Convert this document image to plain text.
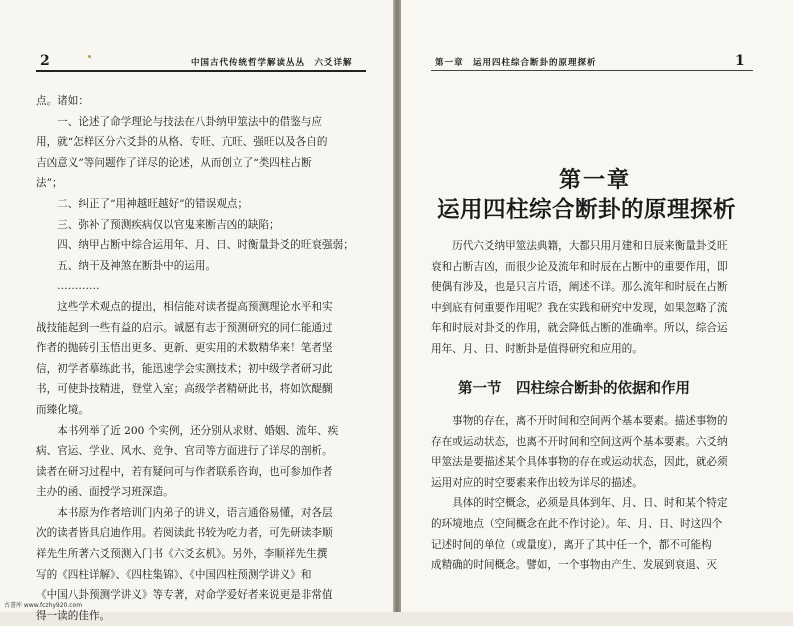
2	中国古代传统哲学解读丛丛　六爻详解

点。诸如：

　　一、论述了命学理论与技法在八卦纳甲筮法中的借鉴与应

用，就“怎样区分六爻卦的从格、专旺、亢旺、强旺以及各自的

吉凶意义”等问题作了详尽的论述，从而创立了“类四柱占断

法”；

　　二、纠正了“用神越旺越好”的错误观点；

　　三、弥补了预测疾病仅以官鬼来断吉凶的缺陷；

　　四、纳甲占断中综合运用年、月、日、时衡量卦爻的旺衰强弱；

　　五、纳干及神煞在断卦中的运用。

　　…………

　　这些学术观点的提出，相信能对读者提高预测理论水平和实

战技能起到一些有益的启示。诚愿有志于预测研究的同仁能通过

作者的抛砖引玉悟出更多、更新、更实用的术数精华来！笔者坚

信，初学者摹练此书，能迅速学会实测技术；初中级学者研习此

书，可使卦技精进，登堂入室；高级学者精研此书，将如饮醍醐

而臻化境。

　　本书列举了近 200 个实例，还分别从求财、婚姻、流年、疾

病、官运、学业、风水、竞争、官司等方面进行了详尽的剖析。

读者在研习过程中，若有疑问可与作者联系咨询，也可参加作者

主办的函、面授学习班深造。

　　本书原为作者培训门内弟子的讲义，语言通俗易懂，对各层

次的读者皆具启迪作用。若阅读此书较为吃力者，可先研读李顺

祥先生所著六爻预测入门书《六爻玄机》。另外，李顺祥先生撰

写的《四柱详解》、《四柱集锦》、《中国四柱预测学讲义》和

《中国八卦预测学讲义》等专著，对命学爱好者来说更是非常值

得一读的佳作。

第一章　运用四柱综合断卦的原理探析	1
第一章
运用四柱综合断卦的原理探析

　　历代六爻纳甲筮法典籍，大都只用月建和日辰来衡量卦爻旺

衰和占断吉凶，而很少论及流年和时辰在占断中的重要作用，即

使偶有涉及，也是只言片语，阐述不详。那么流年和时辰在占断

中到底有何重要作用呢？我在实践和研究中发现，如果忽略了流

年和时辰对卦爻的作用，就会降低占断的准确率。所以，综合运

用年、月、日、时断卦是值得研究和应用的。

第一节　四柱综合断卦的依据和作用

　　事物的存在，离不开时间和空间两个基本要素。描述事物的

存在或运动状态，也离不开时间和空间这两个基本要素。六爻纳

甲筮法是要描述某个具体事物的存在或运动状态，因此，就必须

运用对应的时空要素来作出较为详尽的描述。

　　具体的时空概念，必须是具体到年、月、日、时和某个特定

的环境地点（空间概念在此不作讨论）。年、月、日、时这四个

记述时间的单位（或量度），离开了其中任一个，都不可能构

成精确的时间概念。譬如，一个事物由产生、发展到衰退、灭

古書库 www.fczhy920.com
